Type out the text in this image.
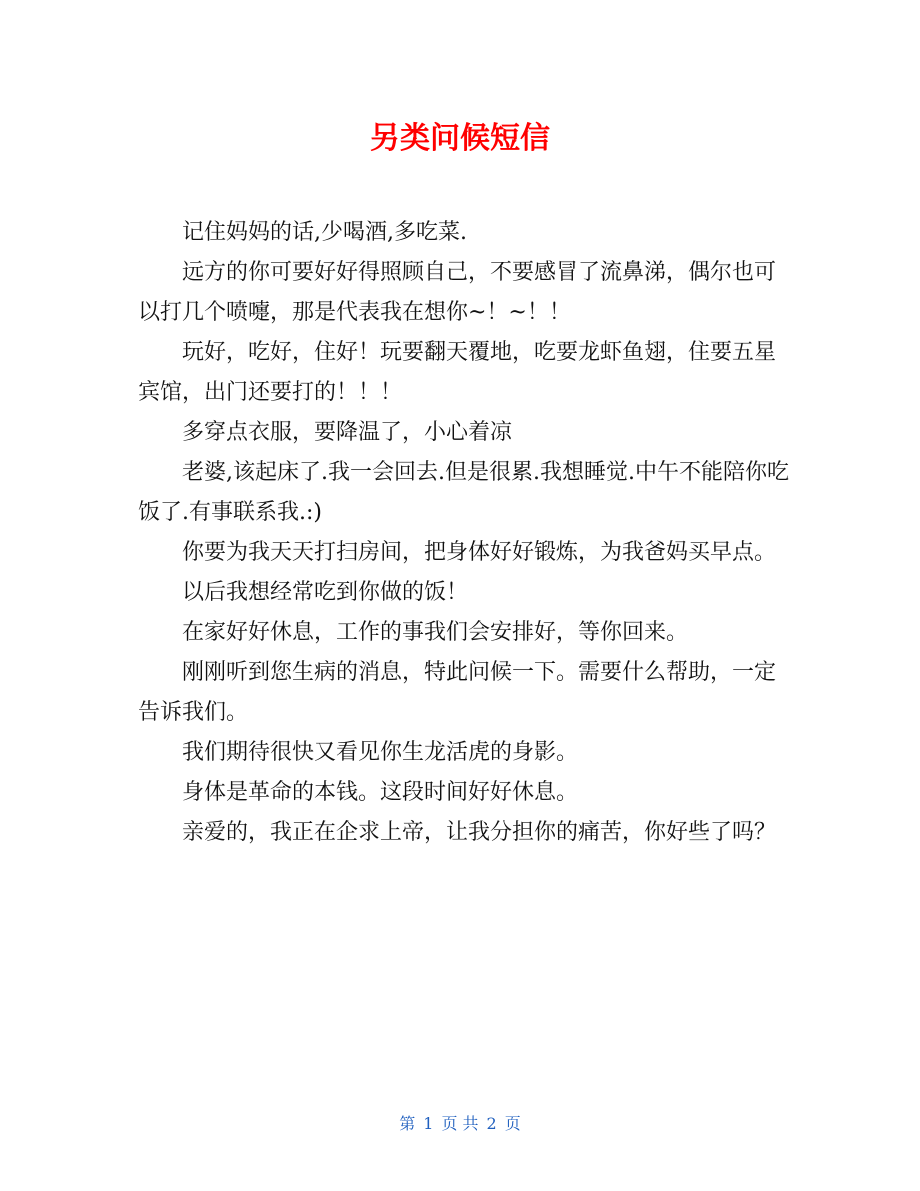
另类问候短信

记住妈妈的话,少喝酒,多吃菜.

远方的你可要好好得照顾自己，不要感冒了流鼻涕，偶尔也可以打几个喷嚏，那是代表我在想你~！~！！

玩好，吃好，住好！玩要翻天覆地，吃要龙虾鱼翅，住要五星宾馆，出门还要打的！！！

多穿点衣服，要降温了，小心着凉

老婆,该起床了.我一会回去.但是很累.我想睡觉.中午不能陪你吃饭了.有事联系我.:)

你要为我天天打扫房间，把身体好好锻炼，为我爸妈买早点。

以后我想经常吃到你做的饭！

在家好好休息，工作的事我们会安排好，等你回来。

刚刚听到您生病的消息，特此问候一下。需要什么帮助，一定告诉我们。

我们期待很快又看见你生龙活虎的身影。

身体是革命的本钱。这段时间好好休息。

亲爱的，我正在企求上帝，让我分担你的痛苦，你好些了吗？

第 1 页 共 2 页
